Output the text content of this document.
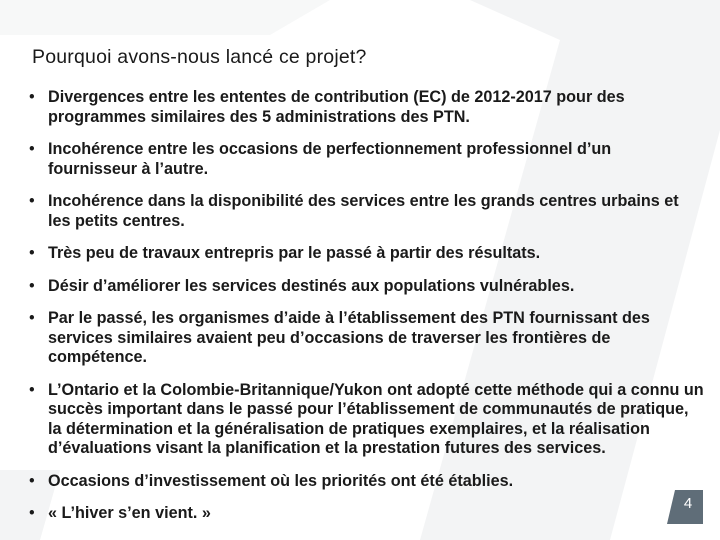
Pourquoi avons-nous lancé ce projet?
• Divergences entre les ententes de contribution (EC) de 2012-2017 pour des programmes similaires des 5 administrations des PTN.
• Incohérence entre les occasions de perfectionnement professionnel d’un fournisseur à l’autre.
• Incohérence dans la disponibilité des services entre les grands centres urbains et les petits centres.
• Très peu de travaux entrepris par le passé à partir des résultats.
• Désir d’améliorer les services destinés aux populations vulnérables.
• Par le passé, les organismes d’aide à l’établissement des PTN fournissant des services similaires avaient peu d’occasions de traverser les frontières de compétence.
• L’Ontario et la Colombie-Britannique/Yukon ont adopté cette méthode qui a connu un succès important dans le passé pour l’établissement de communautés de pratique, la détermination et la généralisation de pratiques exemplaires, et la réalisation d’évaluations visant la planification et la prestation futures des services.
• Occasions d’investissement où les priorités ont été établies.
• « L’hiver s’en vient. »
4
